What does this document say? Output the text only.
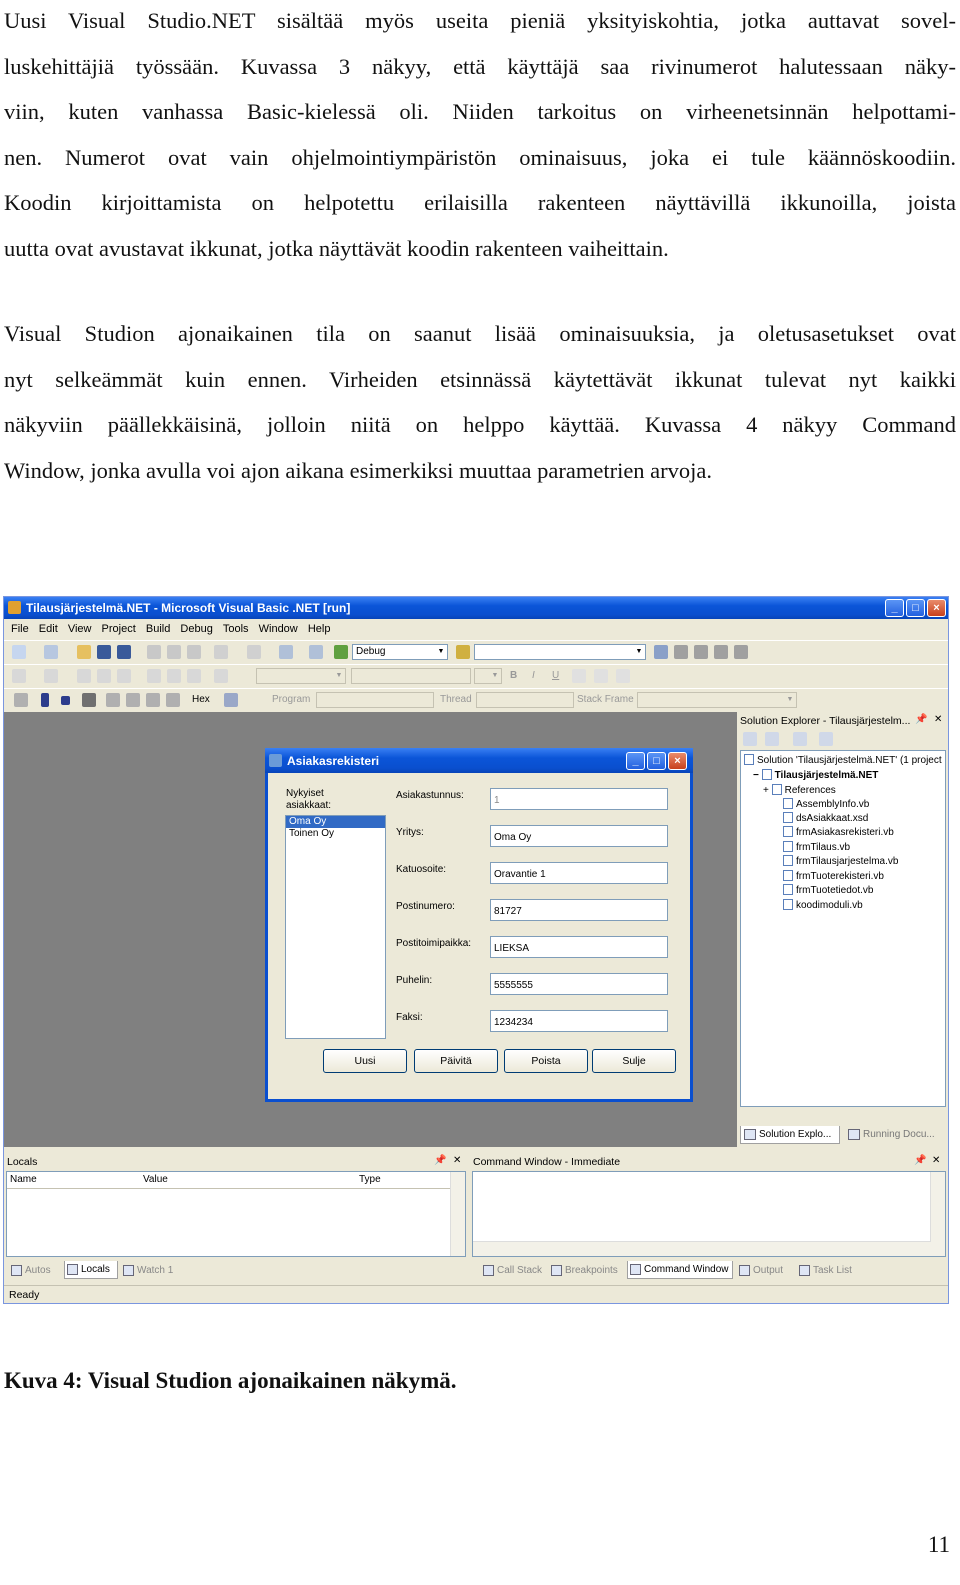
Uusi Visual Studio.NET sisältää myös useita pieniä yksityiskohtia, jotka auttavat sovel-
luskehittäjiä työssään. Kuvassa 3 näkyy, että käyttäjä saa rivinumerot halutessaan näky-
viin, kuten vanhassa Basic-kielessä oli. Niiden tarkoitus on virheenetsinnän helpottami-
nen. Numerot ovat vain ohjelmointiympäristön ominaisuus, joka ei tule käännöskoodiin.
Koodin kirjoittamista on helpotettu erilaisilla rakenteen näyttävillä ikkunoilla, joista
uutta ovat avustavat ikkunat, jotka näyttävät koodin rakenteen vaiheittain.
Visual Studion ajonaikainen tila on saanut lisää ominaisuuksia, ja oletusasetukset ovat
nyt selkeämmät kuin ennen. Virheiden etsinnässä käytettävät ikkunat tulevat nyt kaikki
näkyviin päällekkäisinä, jolloin niitä on helppo käyttää. Kuvassa 4 näkyy Command
Window, jonka avulla voi ajon aikana esimerkiksi muuttaa parametrien arvoja.
Tilausjärjestelmä.NET - Microsoft Visual Basic .NET [run]	_	□	×
File Edit View Project Build Debug Tools Window Help
Debug	▼	▼
▼	▼ B I U
Hex	Program	Thread	Stack Frame	▼
Solution Explorer - Tilausjärjestelm... 📌 ✕
Solution 'Tilausjärjestelmä.NET' (1 project
− Tilausjärjestelmä.NET
+ References
AssemblyInfo.vb
dsAsiakkaat.xsd
frmAsiakasrekisteri.vb
frmTilaus.vb
frmTilausjarjestelma.vb
frmTuoterekisteri.vb
frmTuotetiedot.vb
koodimoduli.vb
Solution Explo...	Running Docu...
Asiakasrekisteri	_	□	×
Nykyiset
asiakkaat:
Oma Oy
Toinen Oy
Asiakastunnus:	1
Yritys:	Oma Oy
Katuosoite:	Oravantie 1
Postinumero:	81727
Postitoimipaikka:	LIEKSA
Puhelin:	5555555
Faksi:	1234234
Uusi	Päivitä	Poista	Sulje
Locals	📌 ✕
Name	Value	Type
Autos	Locals	Watch 1
Command Window - Immediate	📌 ✕
Call Stack	Breakpoints	Command Window	Output	Task List
Ready
Kuva 4: Visual Studion ajonaikainen näkymä.
11
